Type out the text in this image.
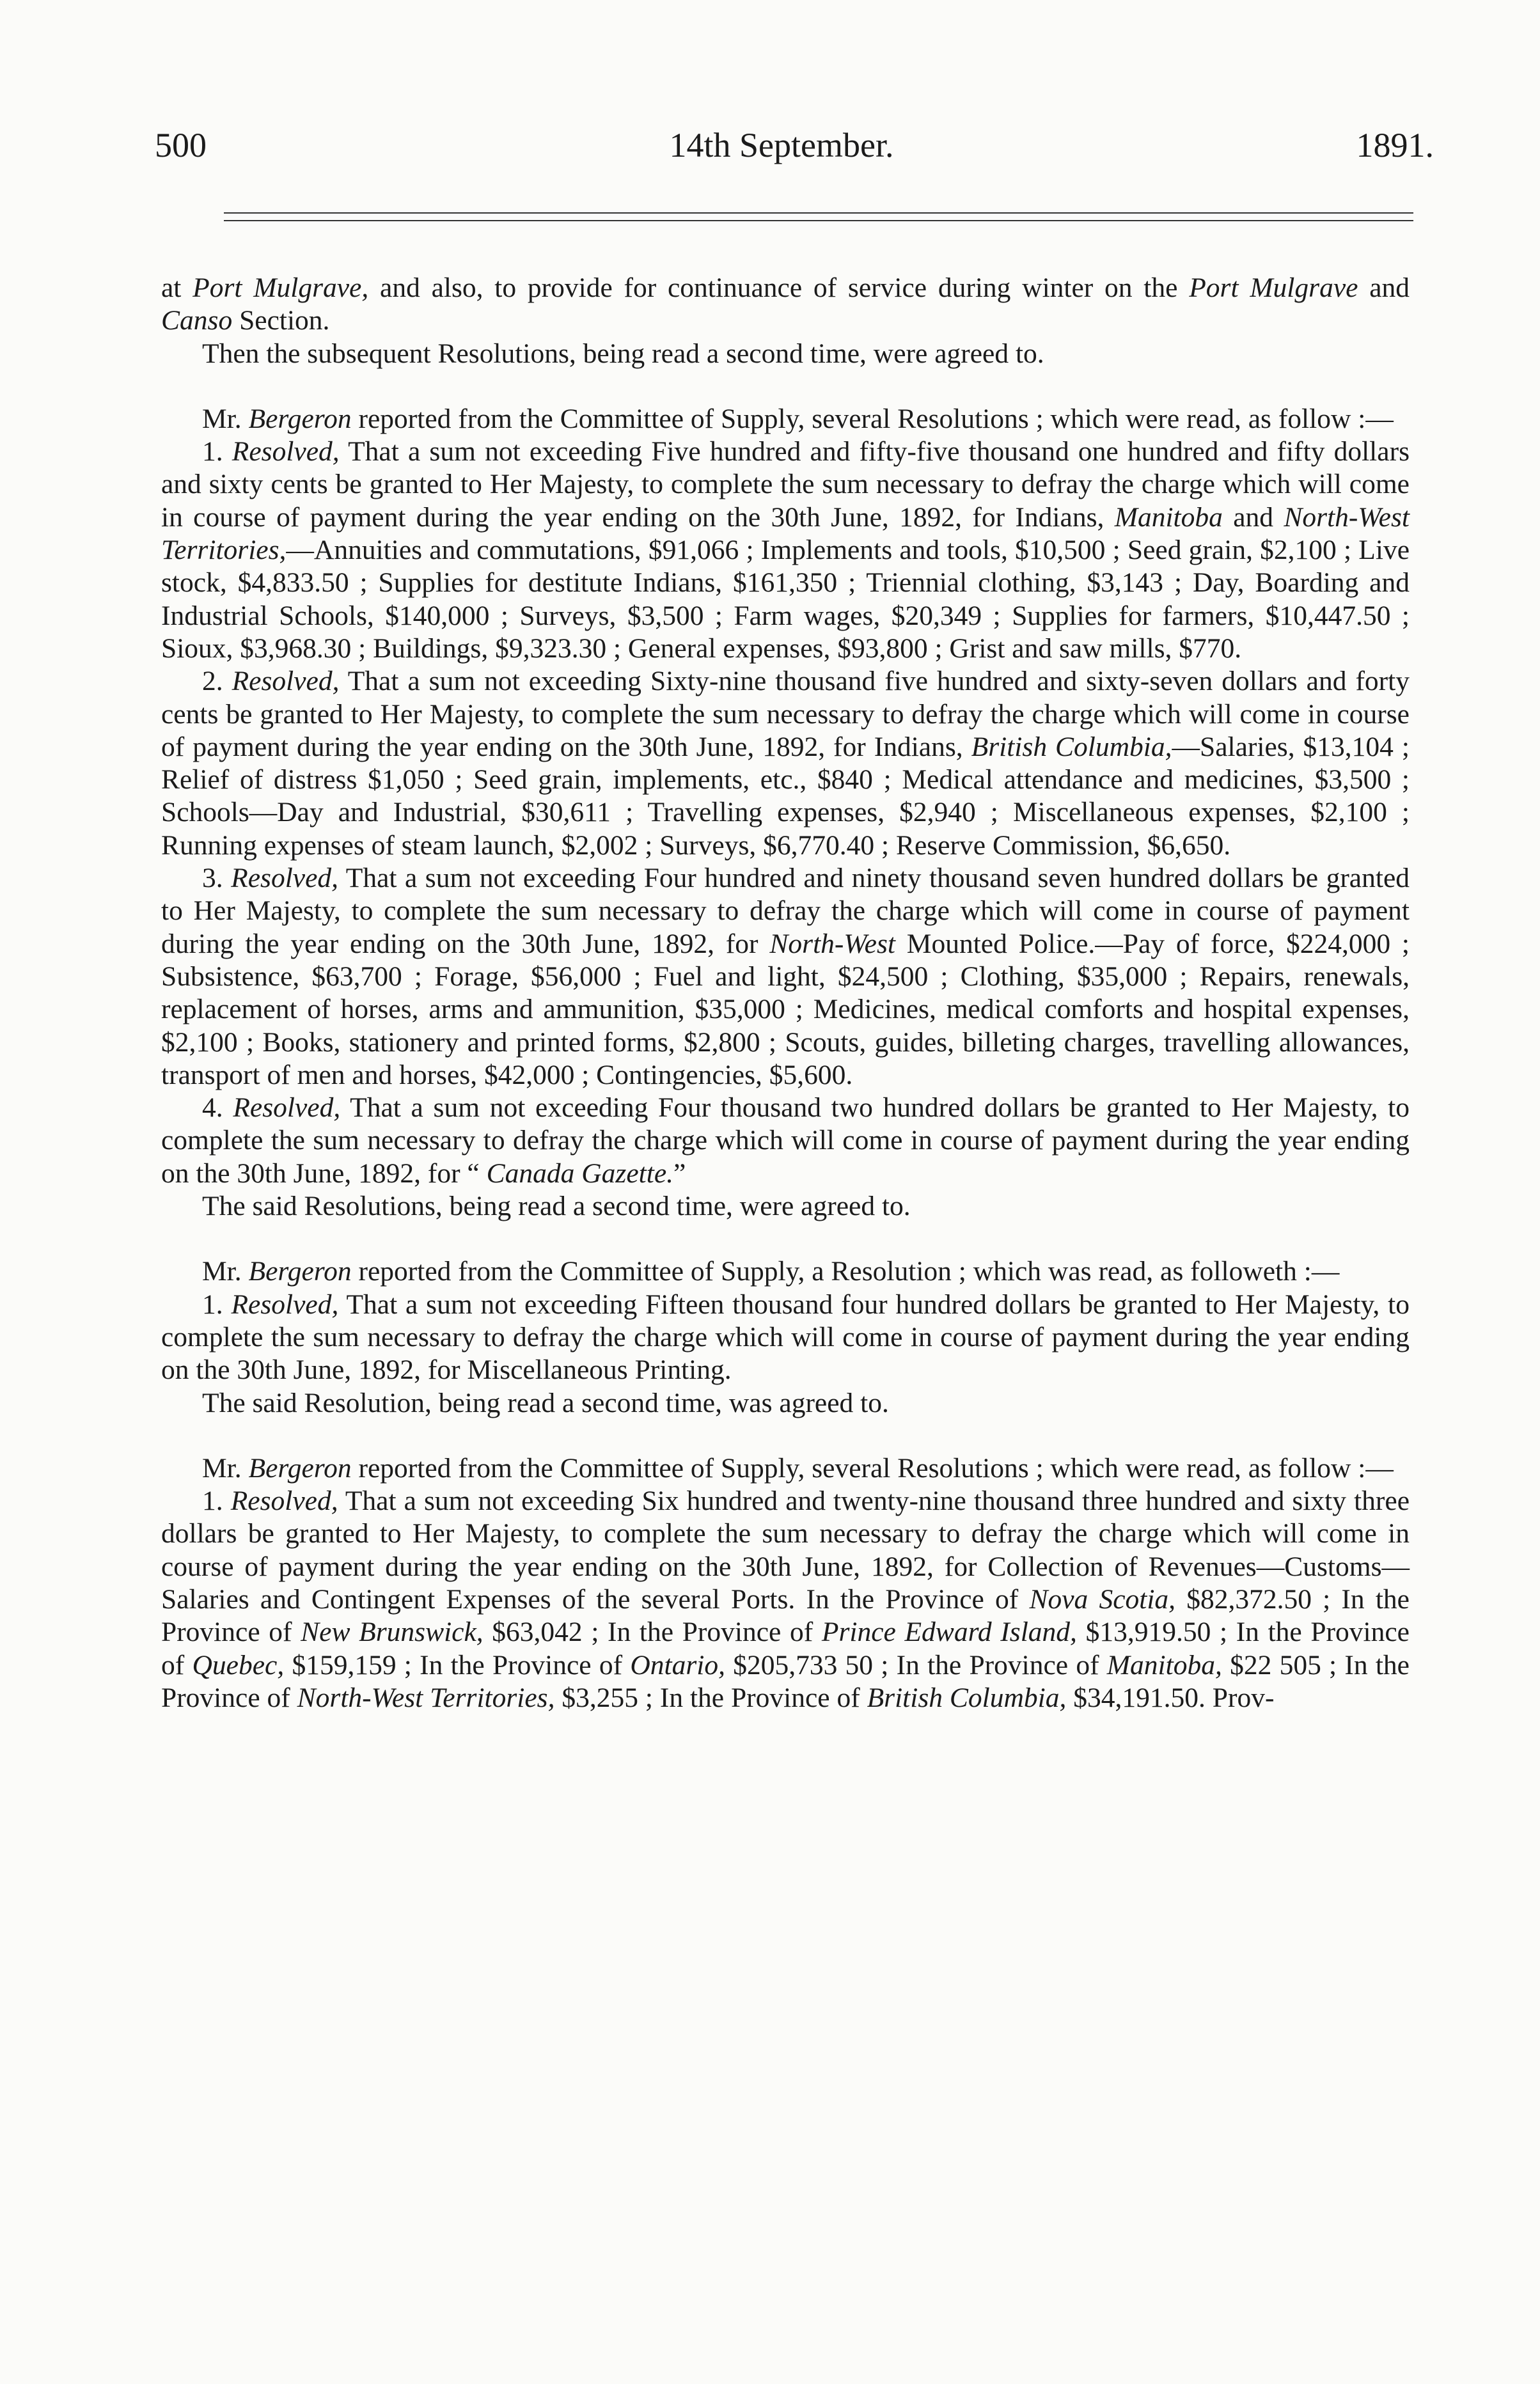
500	14th September.	1891.

at Port Mulgrave, and also, to provide for continuance of service during winter on the Port Mulgrave and Canso Section.

Then the subsequent Resolutions, being read a second time, were agreed to.

Mr. Bergeron reported from the Committee of Supply, several Resolutions ; which were read, as follow :—

1. Resolved, That a sum not exceeding Five hundred and fifty-five thousand one hundred and fifty dollars and sixty cents be granted to Her Majesty, to complete the sum necessary to defray the charge which will come in course of payment during the year ending on the 30th June, 1892, for Indians, Manitoba and North-West Territories,—Annuities and commutations, $91,066 ; Implements and tools, $10,500 ; Seed grain, $2,100 ; Live stock, $4,833.50 ; Supplies for destitute Indians, $161,350 ; Triennial clothing, $3,143 ; Day, Boarding and Industrial Schools, $140,000 ; Surveys, $3,500 ; Farm wages, $20,349 ; Supplies for farmers, $10,447.50 ; Sioux, $3,968.30 ; Buildings, $9,323.30 ; General expenses, $93,800 ; Grist and saw mills, $770.

2. Resolved, That a sum not exceeding Sixty-nine thousand five hundred and sixty-seven dollars and forty cents be granted to Her Majesty, to complete the sum necessary to defray the charge which will come in course of payment during the year ending on the 30th June, 1892, for Indians, British Columbia,—Salaries, $13,104 ; Relief of distress $1,050 ; Seed grain, implements, etc., $840 ; Medical attendance and medicines, $3,500 ; Schools—Day and Industrial, $30,611 ; Travelling expenses, $2,940 ; Miscellaneous expenses, $2,100 ; Running expenses of steam launch, $2,002 ; Surveys, $6,770.40 ; Reserve Commission, $6,650.

3. Resolved, That a sum not exceeding Four hundred and ninety thousand seven hundred dollars be granted to Her Majesty, to complete the sum necessary to defray the charge which will come in course of payment during the year ending on the 30th June, 1892, for North-West Mounted Police.—Pay of force, $224,000 ; Subsistence, $63,700 ; Forage, $56,000 ; Fuel and light, $24,500 ; Clothing, $35,000 ; Repairs, renewals, replacement of horses, arms and ammunition, $35,000 ; Medicines, medical comforts and hospital expenses, $2,100 ; Books, stationery and printed forms, $2,800 ; Scouts, guides, billeting charges, travelling allowances, transport of men and horses, $42,000 ; Contingencies, $5,600.

4. Resolved, That a sum not exceeding Four thousand two hundred dollars be granted to Her Majesty, to complete the sum necessary to defray the charge which will come in course of payment during the year ending on the 30th June, 1892, for “ Canada Gazette.”

The said Resolutions, being read a second time, were agreed to.

Mr. Bergeron reported from the Committee of Supply, a Resolution ; which was read, as followeth :—

1. Resolved, That a sum not exceeding Fifteen thousand four hundred dollars be granted to Her Majesty, to complete the sum necessary to defray the charge which will come in course of payment during the year ending on the 30th June, 1892, for Miscellaneous Printing.

The said Resolution, being read a second time, was agreed to.

Mr. Bergeron reported from the Committee of Supply, several Resolutions ; which were read, as follow :—

1. Resolved, That a sum not exceeding Six hundred and twenty-nine thousand three hundred and sixty three dollars be granted to Her Majesty, to complete the sum necessary to defray the charge which will come in course of payment during the year ending on the 30th June, 1892, for Collection of Revenues—Customs—Salaries and Contingent Expenses of the several Ports. In the Province of Nova Scotia, $82,372.50 ; In the Province of New Brunswick, $63,042 ; In the Province of Prince Edward Island, $13,919.50 ; In the Province of Quebec, $159,159 ; In the Province of Ontario, $205,733 50 ; In the Province of Manitoba, $22 505 ; In the Province of North-West Territories, $3,255 ; In the Province of British Columbia, $34,191.50. Prov-
